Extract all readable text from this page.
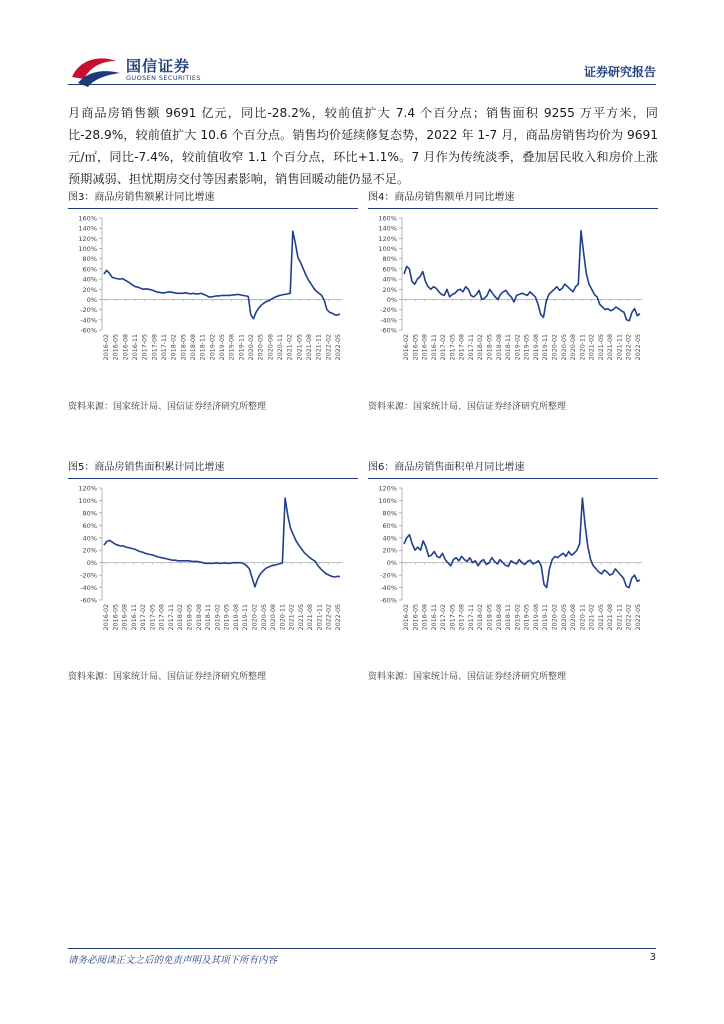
国信证券
GUOSEN SECURITIES	证券研究报告

月商品房销售额 9691 亿元，同比-28.2%，较前值扩大 7.4 个百分点；销售面积 9255 万平方米，同比-28.9%，较前值扩大 10.6 个百分点。销售均价延续修复态势，2022 年 1-7 月，商品房销售均价为 9691 元/㎡，同比-7.4%，较前值收窄 1.1 个百分点，环比+1.1%。7 月作为传统淡季，叠加居民收入和房价上涨预期减弱、担忧期房交付等因素影响，销售回暖动能仍显不足。

图3：商品房销售额累计同比增速
-60%
-40%
-20%
0%
20%
40%
60%
80%
100%
120%
140%
160%
2016-02 2016-05 2016-08 2016-11 2017-05 2017-08 2017-11 2018-02 2018-05 2018-08 2018-11 2019-02 2019-05 2019-08 2019-11 2020-02 2020-05 2020-08 2020-11 2021-02 2021-05 2021-08 2021-11 2022-02 2022-05
资料来源：国家统计局、国信证券经济研究所整理
图4：商品房销售额单月同比增速
-60%
-40%
-20%
0%
20%
40%
60%
80%
100%
120%
140%
160%
2016-02 2016-05 2016-08 2016-11 2017-02 2017-05 2017-08 2017-11 2018-02 2018-05 2018-08 2018-11 2019-02 2019-05 2019-08 2019-11 2020-02 2020-05 2020-08 2020-11 2021-02 2021-05 2021-08 2021-11 2022-02 2022-05
资料来源：国家统计局、国信证券经济研究所整理
图5：商品房销售面积累计同比增速
-60%
-40%
-20%
0%
20%
40%
60%
80%
100%
120%
2016-02 2016-05 2016-08 2016-11 2017-02 2017-05 2017-08 2017-11 2018-02 2018-05 2018-08 2018-11 2019-02 2019-05 2019-08 2019-11 2020-02 2020-05 2020-08 2020-11 2021-02 2021-05 2021-08 2021-11 2022-02 2022-05
资料来源：国家统计局、国信证券经济研究所整理
图6：商品房销售面积单月同比增速
-60%
-40%
-20%
0%
20%
40%
60%
80%
100%
120%
2016-02 2016-05 2016-08 2016-11 2017-02 2017-05 2017-08 2017-11 2018-02 2018-05 2018-08 2018-11 2019-02 2019-05 2019-08 2019-11 2020-02 2020-05 2020-08 2020-11 2021-02 2021-05 2021-08 2021-11 2022-02 2022-05
资料来源：国家统计局、国信证券经济研究所整理
请务必阅读正文之后的免责声明及其项下所有内容	3
